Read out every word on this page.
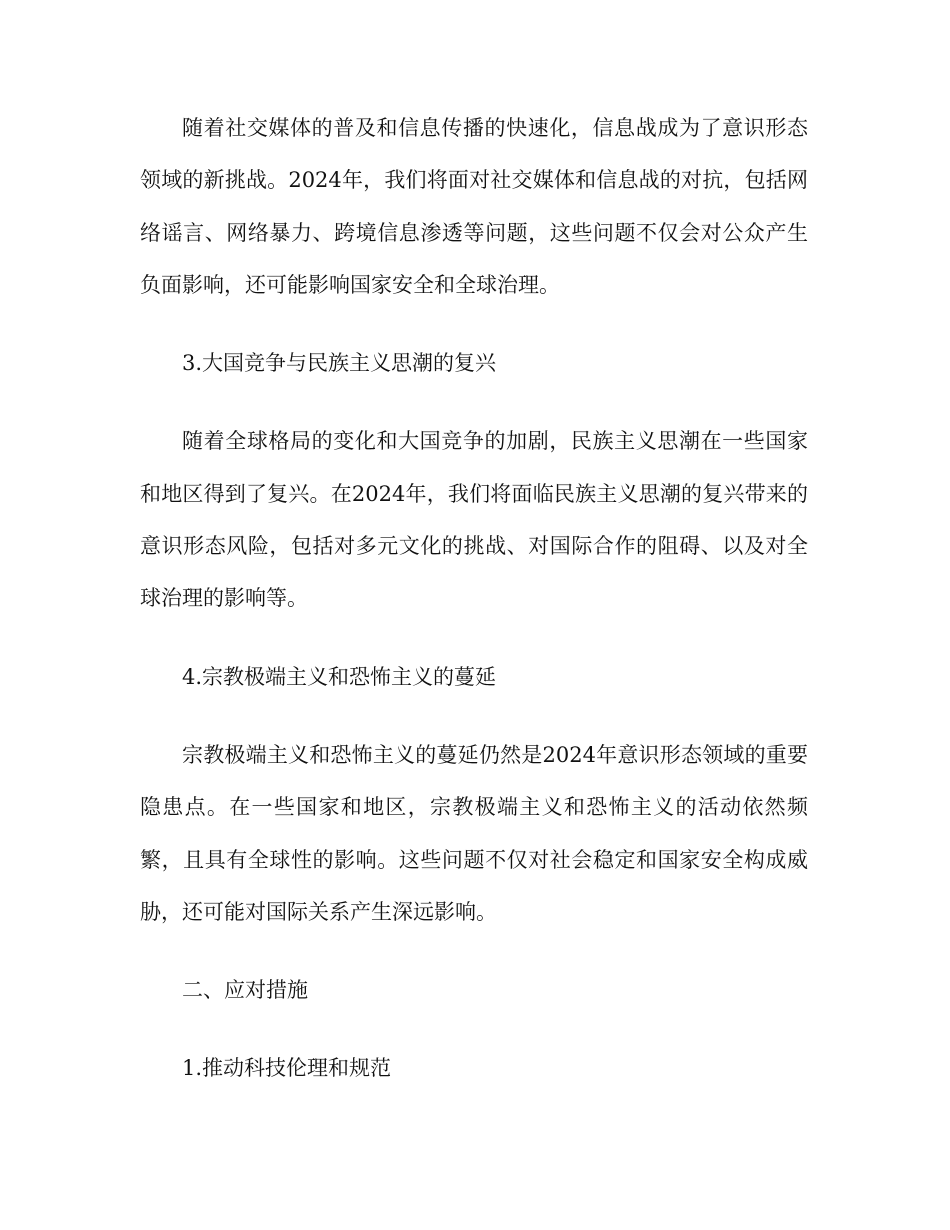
随着社交媒体的普及和信息传播的快速化，信息战成为了意识形态领域的新挑战。2024年，我们将面对社交媒体和信息战的对抗，包括网络谣言、网络暴力、跨境信息渗透等问题，这些问题不仅会对公众产生负面影响，还可能影响国家安全和全球治理。

3.大国竞争与民族主义思潮的复兴

随着全球格局的变化和大国竞争的加剧，民族主义思潮在一些国家和地区得到了复兴。在2024年，我们将面临民族主义思潮的复兴带来的意识形态风险，包括对多元文化的挑战、对国际合作的阻碍、以及对全球治理的影响等。

4.宗教极端主义和恐怖主义的蔓延

宗教极端主义和恐怖主义的蔓延仍然是2024年意识形态领域的重要隐患点。在一些国家和地区，宗教极端主义和恐怖主义的活动依然频繁，且具有全球性的影响。这些问题不仅对社会稳定和国家安全构成威胁，还可能对国际关系产生深远影响。

二、应对措施

1.推动科技伦理和规范
